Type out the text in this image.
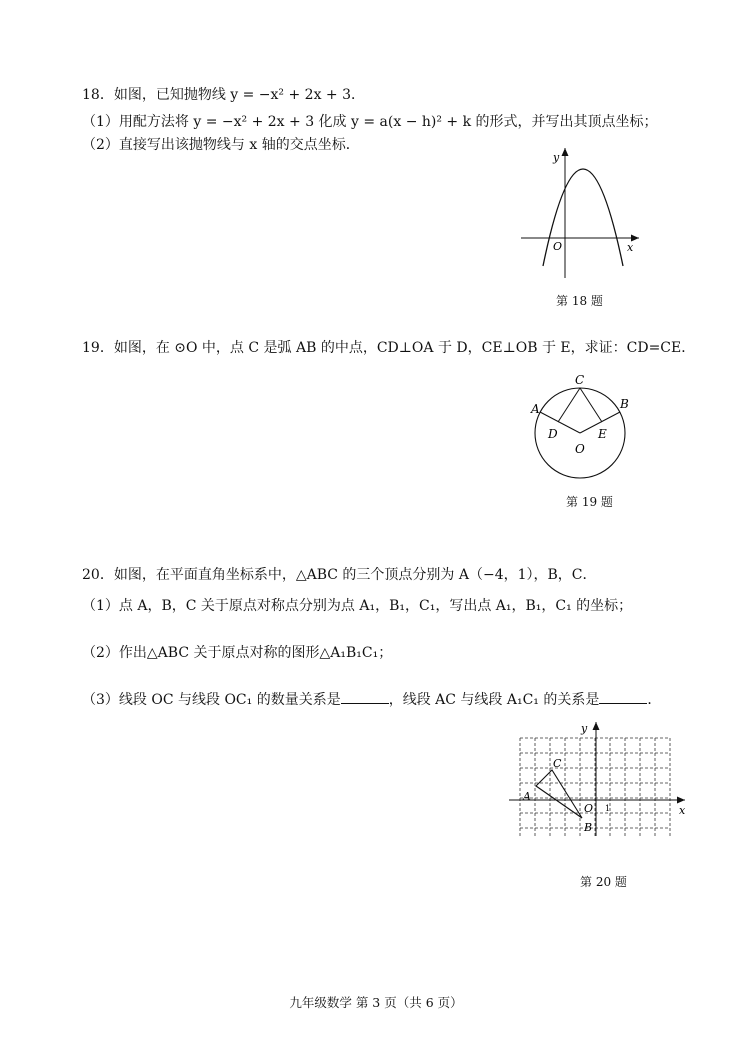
18．如图，已知抛物线 y = −x² + 2x + 3．
（1）用配方法将 y = −x² + 2x + 3 化成 y = a(x − h)² + k 的形式，并写出其顶点坐标；
（2）直接写出该抛物线与 x 轴的交点坐标．
y
x
O
第 18 题
19．如图，在 ⊙O 中，点 C 是弧 AB 的中点，CD⊥OA 于 D，CE⊥OB 于 E，求证：CD=CE．
C
A	B
D	E
O
第 19 题
20．如图，在平面直角坐标系中，△ABC 的三个顶点分别为 A（−4，1），B，C．
（1）点 A，B，C 关于原点对称点分别为点 A₁，B₁，C₁，写出点 A₁，B₁，C₁ 的坐标；
（2）作出△ABC 关于原点对称的图形△A₁B₁C₁；
（3）线段 OC 与线段 OC₁ 的数量关系是	，线段 AC 与线段 A₁C₁ 的关系是	．
O 1	x
y
A
C
B
第 20 题
九年级数学 第 3 页（共 6 页）
